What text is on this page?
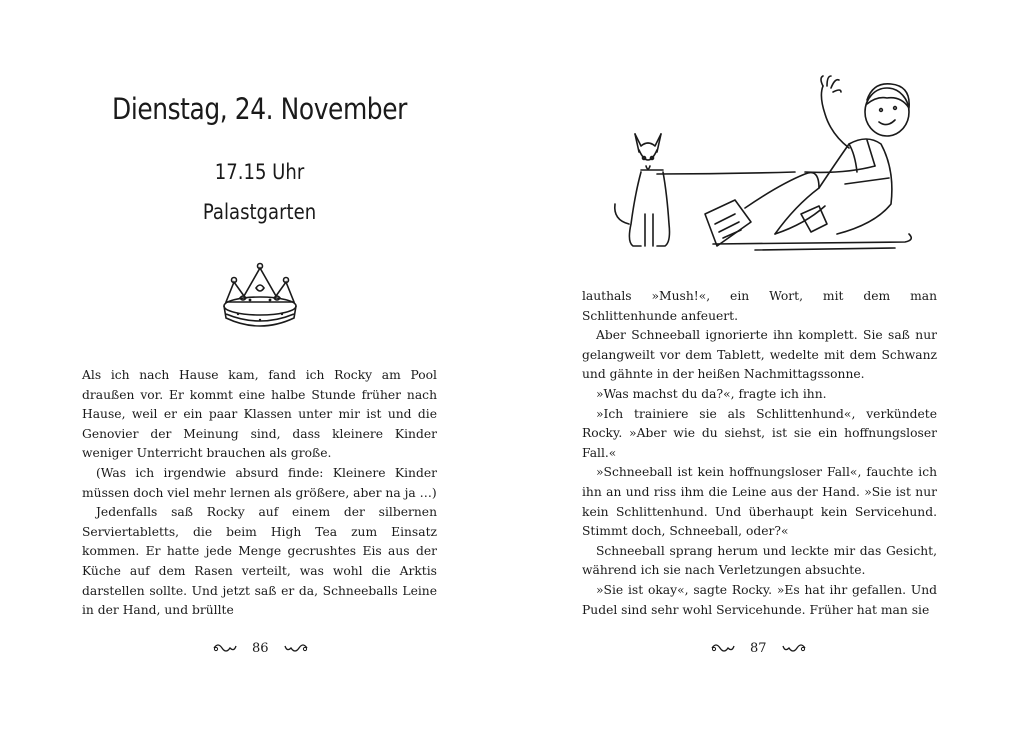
Dienstag, 24. November
17.15 Uhr
Palastgarten

Als ich nach Hause kam, fand ich Rocky am Pool draußen vor. Er kommt eine halbe Stunde früher nach Hause, weil er ein paar Klassen unter mir ist und die Genovier der Meinung sind, dass kleinere Kinder weniger Unterricht brauchen als große.

(Was ich irgendwie absurd finde: Kleinere Kinder müssen doch viel mehr lernen als größere, aber na ja …)

Jedenfalls saß Rocky auf einem der silbernen Serviertabletts, die beim High Tea zum Einsatz kommen. Er hatte jede Menge gecrushtes Eis aus der Küche auf dem Rasen verteilt, was wohl die Arktis darstellen sollte. Und jetzt saß er da, Schneeballs Leine in der Hand, und brüllte

86

lauthals »Mush!«, ein Wort, mit dem man Schlittenhunde anfeuert.

Aber Schneeball ignorierte ihn komplett. Sie saß nur gelangweilt vor dem Tablett, wedelte mit dem Schwanz und gähnte in der heißen Nachmittagssonne.

»Was machst du da?«, fragte ich ihn.

»Ich trainiere sie als Schlittenhund«, verkündete Rocky. »Aber wie du siehst, ist sie ein hoffnungsloser Fall.«

»Schneeball ist kein hoffnungsloser Fall«, fauchte ich ihn an und riss ihm die Leine aus der Hand. »Sie ist nur kein Schlittenhund. Und überhaupt kein Servicehund. Stimmt doch, Schneeball, oder?«

Schneeball sprang herum und leckte mir das Gesicht, während ich sie nach Verletzungen absuchte.

»Sie ist okay«, sagte Rocky. »Es hat ihr gefallen. Und Pudel sind sehr wohl Servicehunde. Früher hat man sie

87
